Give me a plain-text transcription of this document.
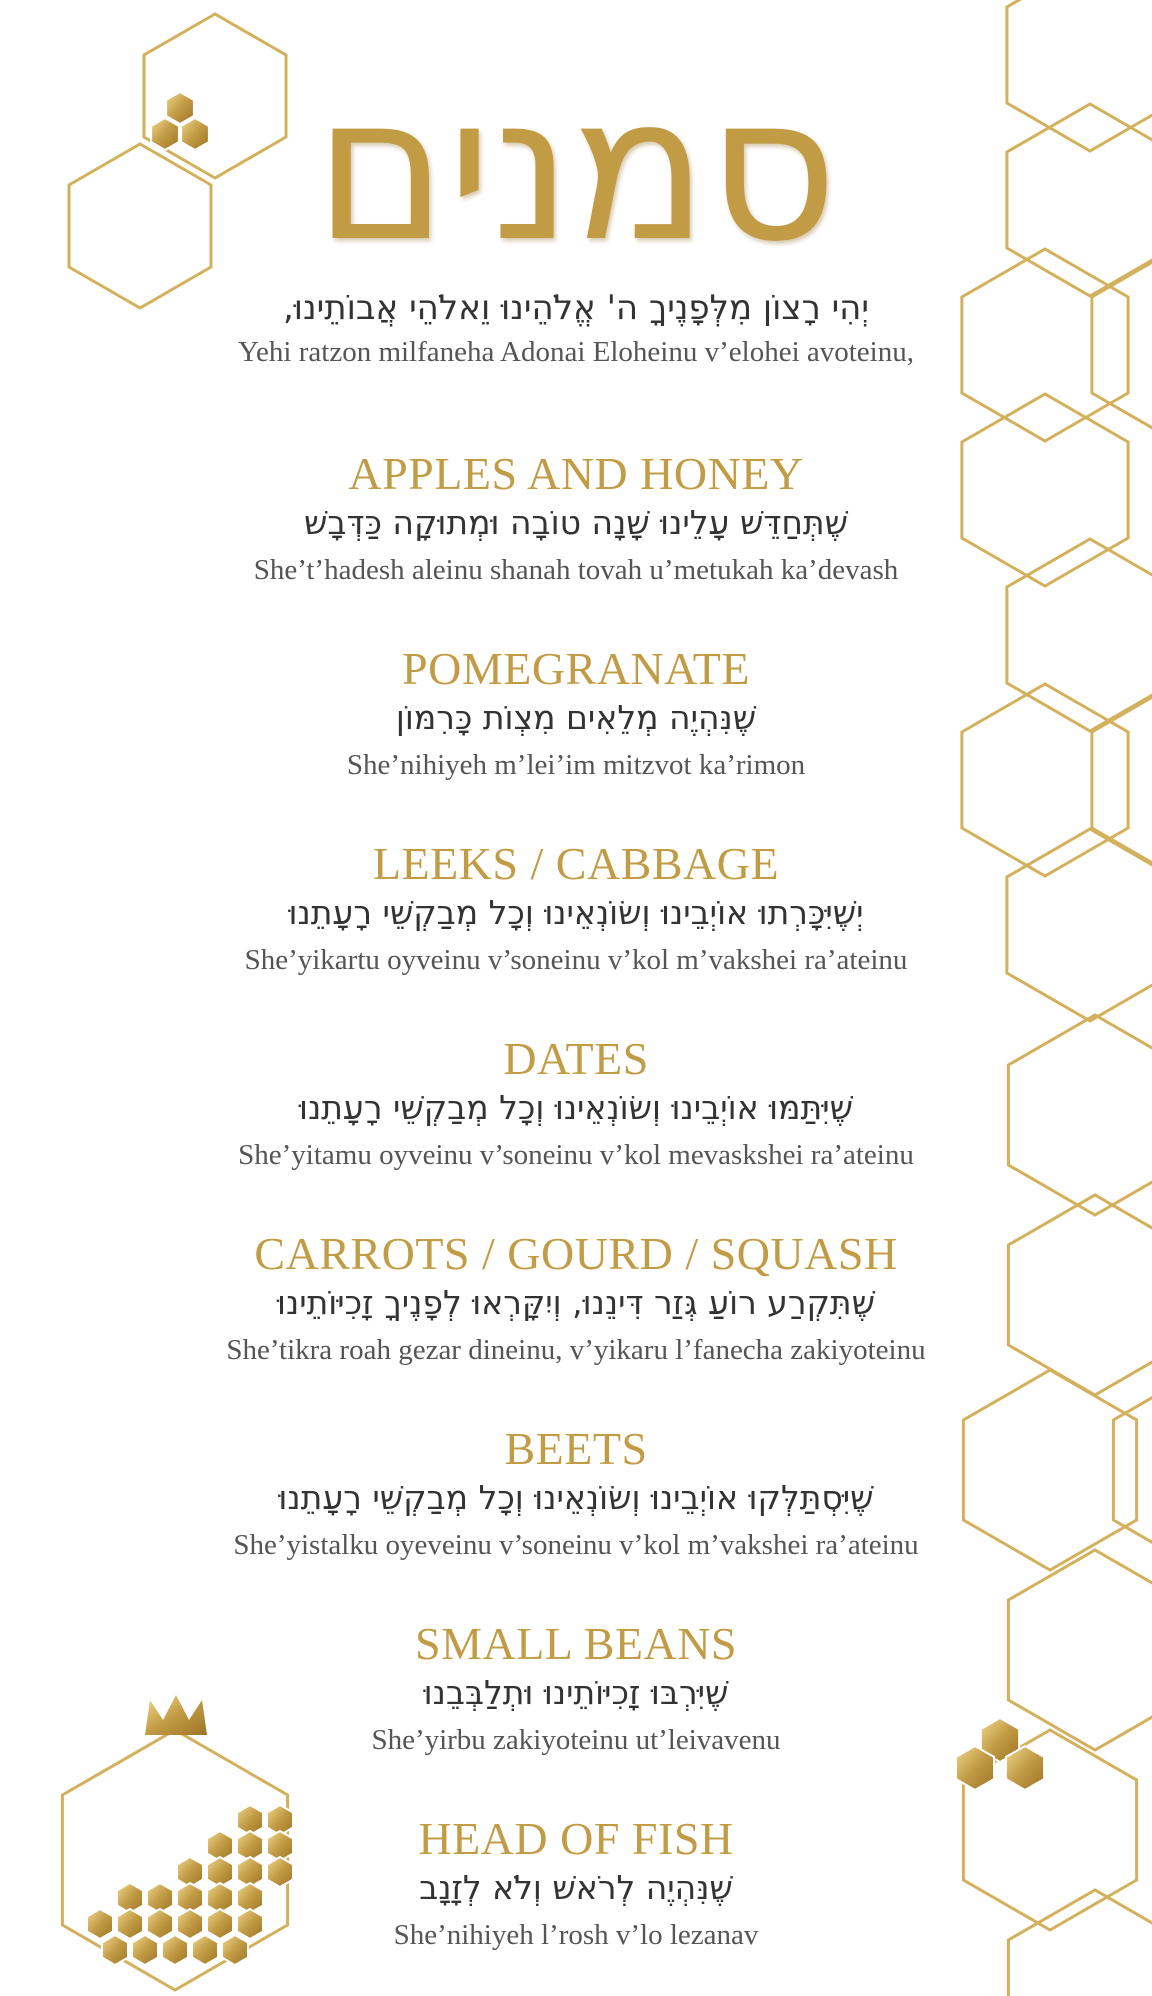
סמנים
יְהִי רָצוֹן מִלְּפָנֶיךָ ה' אֱלֹהֵינוּ וֵאלֹהֵי אֲבוֹתֵינוּ,
Yehi ratzon milfaneha Adonai Eloheinu v’elohei avoteinu,
APPLES AND HONEY
שֶׁתְּחַדֵּשׁ עָלֵינוּ שָׁנָה טוֹבָה וּמְתוּקָה כַּדְּבָשׁ
She’t’hadesh aleinu shanah tovah u’metukah ka’devash
POMEGRANATE
שֶׁנִּהְיֶה מְלֵאִים מִצְוֹת כָּרִמּוֹן
She’nihiyeh m’lei’im mitzvot ka’rimon
LEEKS / CABBAGE
יְשֶׁיִּכָּרְתוּ אוֹיְבֵינוּ וְשׂוֹנְאֵינוּ וְכָל מְבַקְשֵׁי רָעָתֵנוּ
She’yikartu oyveinu v’soneinu v’kol m’vakshei ra’ateinu
DATES
שֶׁיִּתַּמּוּ אוֹיְבֵינוּ וְשׂוֹנְאֵינוּ וְכָל מְבַקְשֵׁי רָעָתֵנוּ
She’yitamu oyveinu v’soneinu v’kol mevaskshei ra’ateinu
CARROTS / GOURD / SQUASH
שֶׁתִּקְרַע רוֹעַ גְּזַר דִּינֵנוּ, וְיִקָּרְאוּ לְפָנֶיךָ זָכִיּוֹתֵינוּ
She’tikra roah gezar dineinu, v’yikaru l’fanecha zakiyoteinu
BEETS
שֶׁיִּסְתַּלְּקוּ אוֹיְבֵינוּ וְשׂוֹנְאֵינוּ וְכָל מְבַקְשֵׁי רָעָתֵנוּ
She’yistalku oyeveinu v’soneinu v’kol m’vakshei ra’ateinu
SMALL BEANS
שֶׁיִּרְבּוּ זָכִיּוֹתֵינוּ וּתְלַבְּבֵנוּ
She’yirbu zakiyoteinu ut’leivavenu
HEAD OF FISH
שֶׁנִּהְיֶה לְרֹאשׁ וְלֹא לְזָנָב
She’nihiyeh l’rosh v’lo lezanav
